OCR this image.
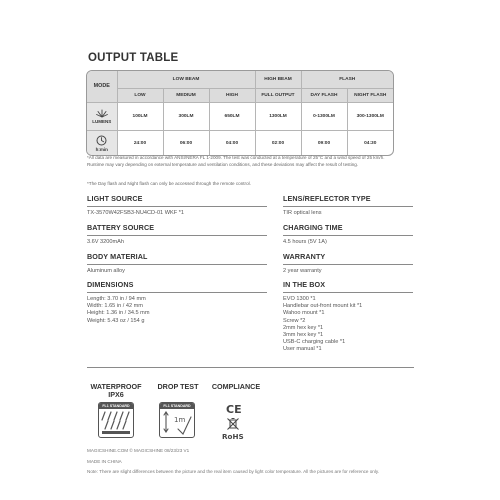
OUTPUT TABLE
MODE	LOW BEAM			HIGH BEAM	FLASH	
	LOW	MEDIUM	HIGH	FULL OUTPUT	DAY FLASH	NIGHT FLASH

LUMENS	100LM	300LM	650LM	1300LM	0-1300LM	300-1300LM

h:min	24:00	06:00	04:00	02:00	09:00	04:30
*All data are measured in accordance with ANSI/NERA FL 1-2009. The test was conducted at a temperature of 25°C and a wind speed of 25 km/h. Runtime may vary depending on external temperature and ventilation conditions, and these deviations may affect the result of testing.
*The Day flash and Night flash can only be accessed through the remote control.
LIGHT SOURCE
TX-3570W42FSB3-NU4CD-01 WKF *1
BATTERY SOURCE
3.6V 3200mAh
BODY MATERIAL
Aluminum alloy
DIMENSIONS
Length: 3.70 in / 94 mm
Width: 1.65 in / 42 mm
Height: 1.36 in / 34.5 mm
Weight: 5.43 oz / 154 g
LENS/REFLECTOR TYPE
TIR optical lens
CHARGING TIME
4.5 hours (5V 1A)
WARRANTY
2 year warranty
IN THE BOX
EVO 1300 *1
Handlebar out-front mount kit *1
Wahoo mount *1
Screw *2
2mm hex key *1
3mm hex key *1
USB-C charging cable *1
User manual *1
WATERPROOF
IPX6
FL1 STANDARD
DROP TEST
FL1 STANDARD
1m
COMPLIANCE
CE
RoHS
MAGICSHINE.COM © MAGICSHINE 08/23/23 V1
MADE IN CHINA
Note: There are slight differences between the picture and the real item caused by light color temperature. All the pictures are for reference only.
